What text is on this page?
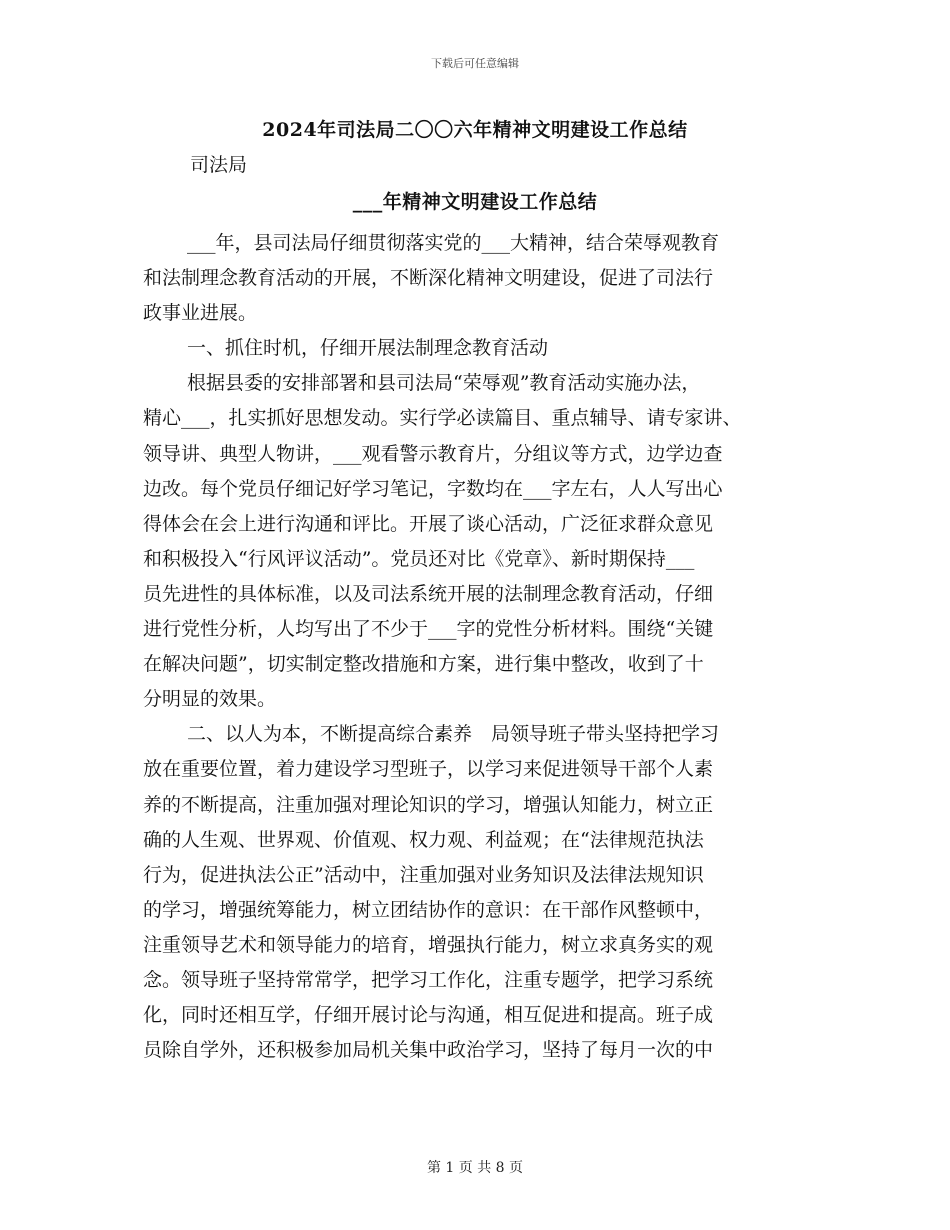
下载后可任意编辑
2024年司法局二〇〇六年精神文明建设工作总结
司法局
___年精神文明建设工作总结
___年，县司法局仔细贯彻落实党的___大精神，结合荣辱观教育
和法制理念教育活动的开展，不断深化精神文明建设，促进了司法行
政事业进展。
一、抓住时机，仔细开展法制理念教育活动
根据县委的安排部署和县司法局“荣辱观”教育活动实施办法，
精心___，扎实抓好思想发动。实行学必读篇目、重点辅导、请专家讲、
领导讲、典型人物讲，___观看警示教育片，分组议等方式，边学边查
边改。每个党员仔细记好学习笔记，字数均在___字左右，人人写出心
得体会在会上进行沟通和评比。开展了谈心活动，广泛征求群众意见
和积极投入“行风评议活动”。党员还对比《党章》、新时期保持___
员先进性的具体标准，以及司法系统开展的法制理念教育活动，仔细
进行党性分析，人均写出了不少于___字的党性分析材料。围绕“关键
在解决问题”，切实制定整改措施和方案，进行集中整改，收到了十
分明显的效果。
二、以人为本，不断提高综合素养　局领导班子带头坚持把学习
放在重要位置，着力建设学习型班子，以学习来促进领导干部个人素
养的不断提高，注重加强对理论知识的学习，增强认知能力，树立正
确的人生观、世界观、价值观、权力观、利益观；在“法律规范执法
行为，促进执法公正”活动中，注重加强对业务知识及法律法规知识
的学习，增强统筹能力，树立团结协作的意识：在干部作风整顿中，
注重领导艺术和领导能力的培育，增强执行能力，树立求真务实的观
念。领导班子坚持常常学，把学习工作化，注重专题学，把学习系统
化，同时还相互学，仔细开展讨论与沟通，相互促进和提高。班子成
员除自学外，还积极参加局机关集中政治学习，坚持了每月一次的中
第 1 页 共 8 页
